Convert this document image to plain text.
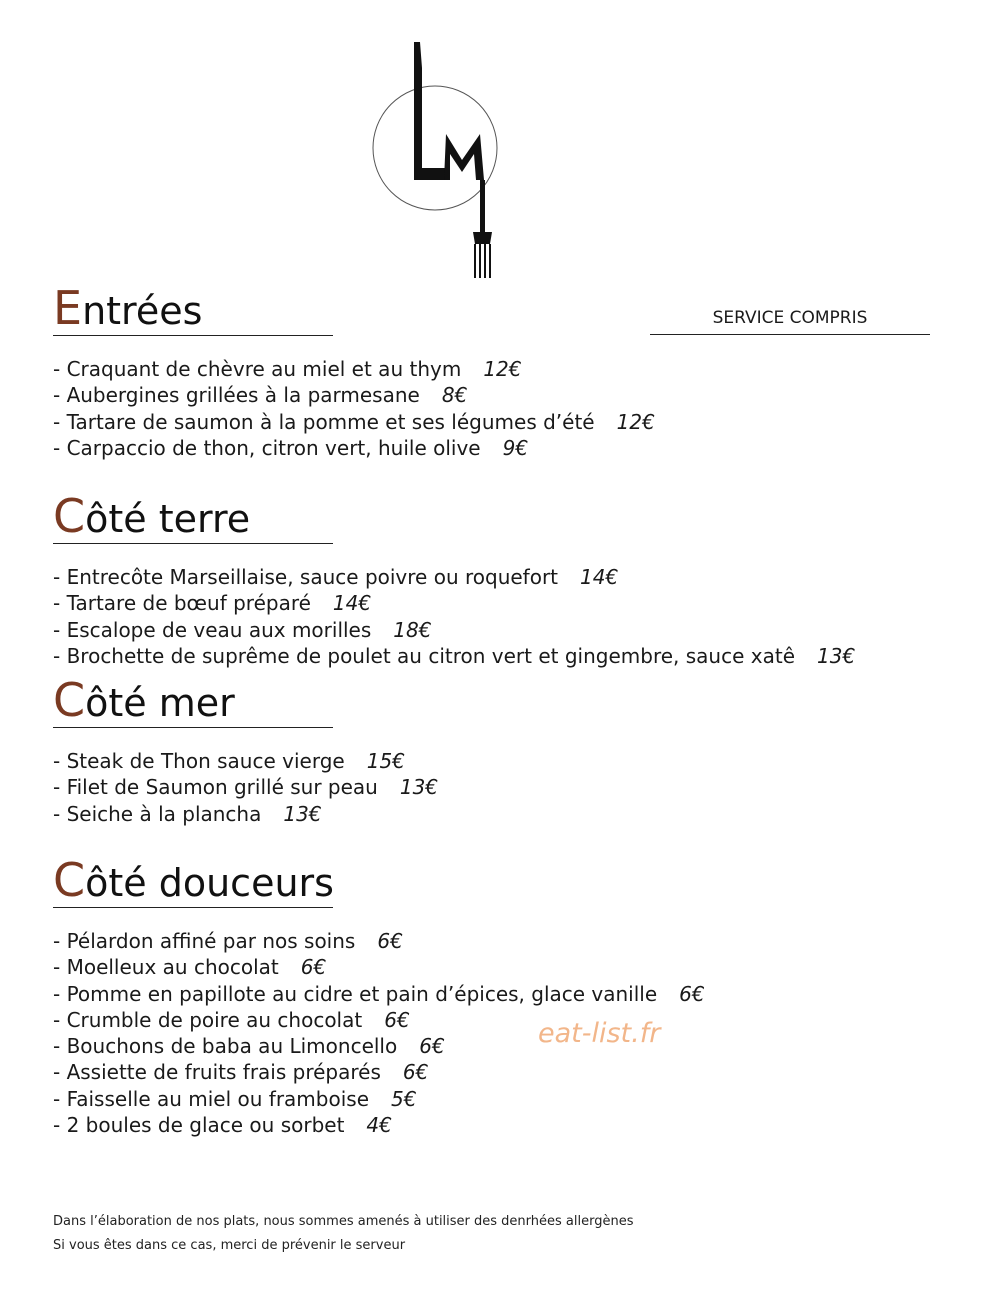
SERVICE COMPRIS
Entrées
- Craquant de chèvre au miel et au thym 12€
- Aubergines grillées à la parmesane 8€
- Tartare de saumon à la pomme et ses légumes d’été 12€
- Carpaccio de thon, citron vert, huile olive 9€
Côté terre
- Entrecôte Marseillaise, sauce poivre ou roquefort 14€
- Tartare de bœuf préparé 14€
- Escalope de veau aux morilles 18€
- Brochette de suprême de poulet au citron vert et gingembre, sauce xatê 13€
Côté mer
- Steak de Thon sauce vierge 15€
- Filet de Saumon grillé sur peau 13€
- Seiche à la plancha 13€
Côté douceurs
- Pélardon affiné par nos soins 6€
- Moelleux au chocolat 6€
- Pomme en papillote au cidre et pain d’épices, glace vanille 6€
- Crumble de poire au chocolat 6€
- Bouchons de baba au Limoncello 6€
- Assiette de fruits frais préparés 6€
- Faisselle au miel ou framboise 5€
- 2 boules de glace ou sorbet 4€
eat-list.fr

Dans l’élaboration de nos plats, nous sommes amenés à utiliser des denrhées allergènes

Si vous êtes dans ce cas, merci de prévenir le serveur
